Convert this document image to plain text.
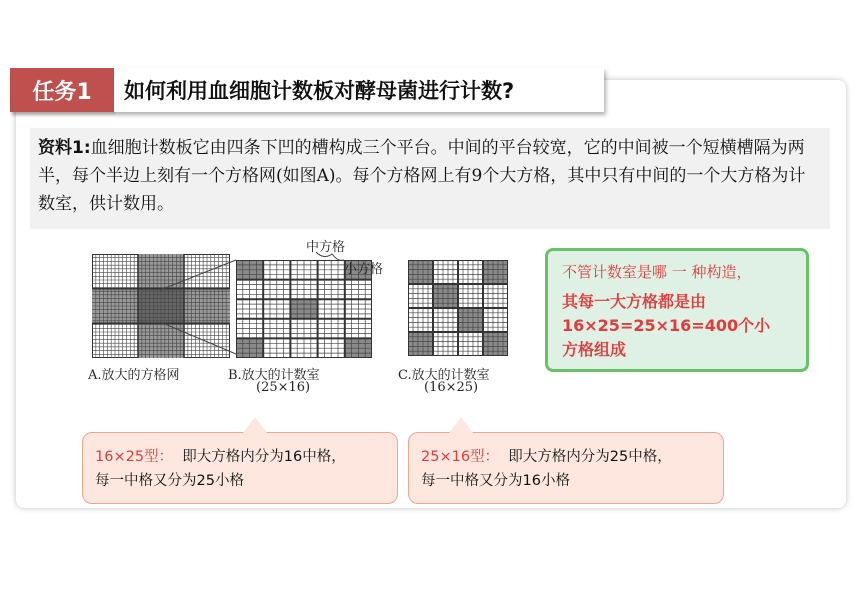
任务1	如何利用血细胞计数板对酵母菌进行计数?
资料1:血细胞计数板它由四条下凹的槽构成三个平台。中间的平台较宽，它的中间被一个短横槽隔为两半，每个半边上刻有一个方格网(如图A)。每个方格网上有9个大方格，其中只有中间的一个大方格为计数室，供计数用。
中方格
小方格
A.放大的方格网	B.放大的计数室
(25×16)
C.放大的计数室
(16×25)
不管计数室是哪 一 种构造，
其每一大方格都是由
16×25=25×16=400个小
方格组成
16×25型： 即大方格内分为16中格，
每一中格又分为25小格
25×16型： 即大方格内分为25中格，
每一中格又分为16小格
